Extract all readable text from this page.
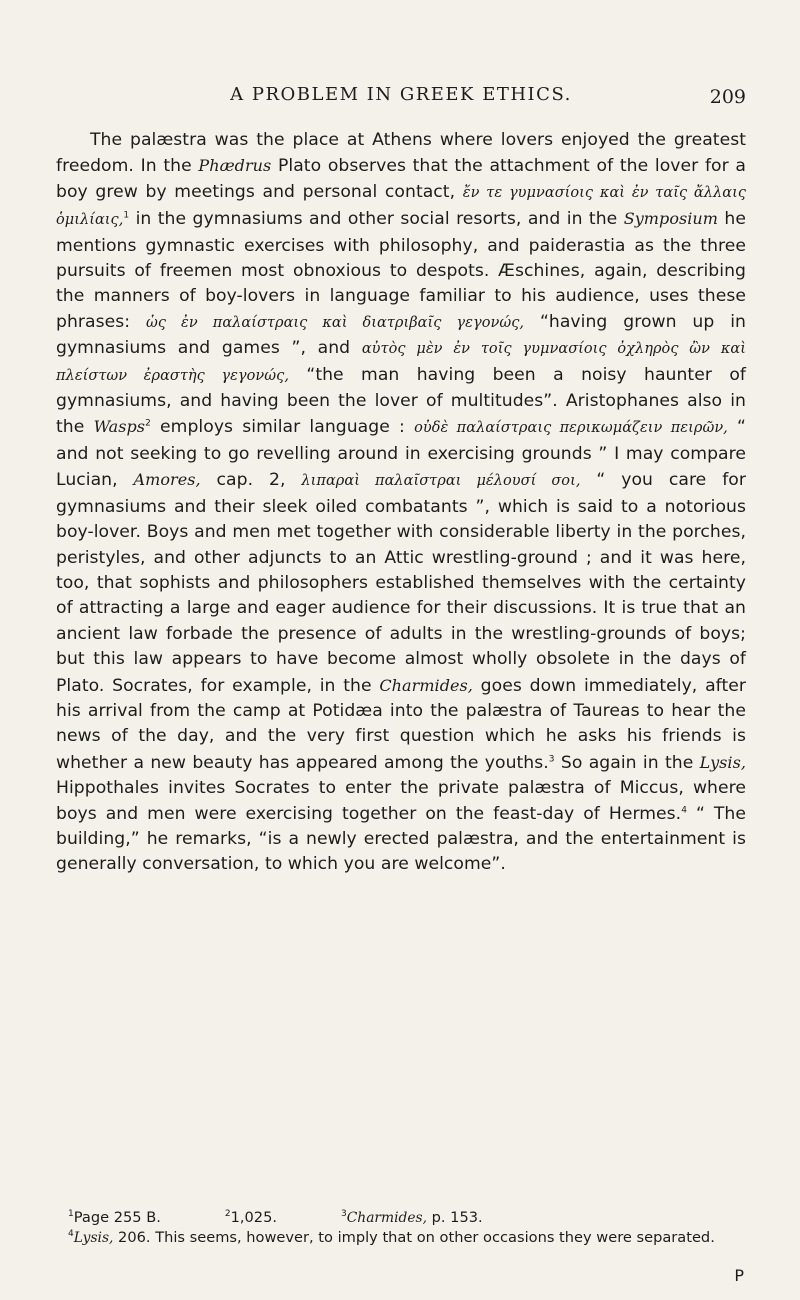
A PROBLEM IN GREEK ETHICS.	209

The palæstra was the place at Athens where lovers enjoyed the greatest freedom. In the Phædrus Plato observes that the attachment of the lover for a boy grew by meetings and personal contact, ἔν τε γυμνασίοις καὶ ἐν ταῖς ἄλλαις ὁμιλίαις,$^1$ in the gymnasiums and other social resorts, and in the Symposium he mentions gymnastic exercises with philosophy, and paiderastia as the three pursuits of freemen most obnoxious to despots. Æschines, again, describing the manners of boy-lovers in language familiar to his audience, uses these phrases: ὡς ἐν παλαίστραις καὶ διατριβαῖς γεγονώς, “having grown up in gymnasiums and games ”, and αὐτὸς μὲν ἐν τοῖς γυμνασίοις ὀχληρὸς ὢν καὶ πλείστων ἐραστὴς γεγονώς, “the man having been a noisy haunter of gymnasiums, and having been the lover of multitudes”. Aristophanes also in the Wasps$^2$ employs similar language : οὐδὲ παλαίστραις περικωμάζειν πειρῶν, “ and not seeking to go revelling around in exercising grounds ” I may compare Lucian, Amores, cap. 2, λιπαραὶ παλαῖστραι μέλουσί σοι, “ you care for gymnasiums and their sleek oiled combatants ”, which is said to a notorious boy-lover. Boys and men met together with considerable liberty in the porches, peristyles, and other adjuncts to an Attic wrestling-ground ; and it was here, too, that sophists and philosophers established themselves with the certainty of attracting a large and eager audience for their discussions. It is true that an ancient law forbade the presence of adults in the wrestling-grounds of boys; but this law appears to have become almost wholly obsolete in the days of Plato. Socrates, for example, in the Charmides, goes down immediately, after his arrival from the camp at Potidæa into the palæstra of Taureas to hear the news of the day, and the very first question which he asks his friends is whether a new beauty has appeared among the youths.$^3$ So again in the Lysis, Hippothales invites Socrates to enter the private palæstra of Miccus, where boys and men were exercising together on the feast-day of Hermes.$^4$ “ The building,” he remarks, “is a newly erected palæstra, and the entertainment is generally conversation, to which you are welcome”.

$^1$Page 255 B.	$^2$1,025.	$^3$Charmides, p. 153.
$^4$Lysis, 206. This seems, however, to imply that on other occasions they were separated.
P
